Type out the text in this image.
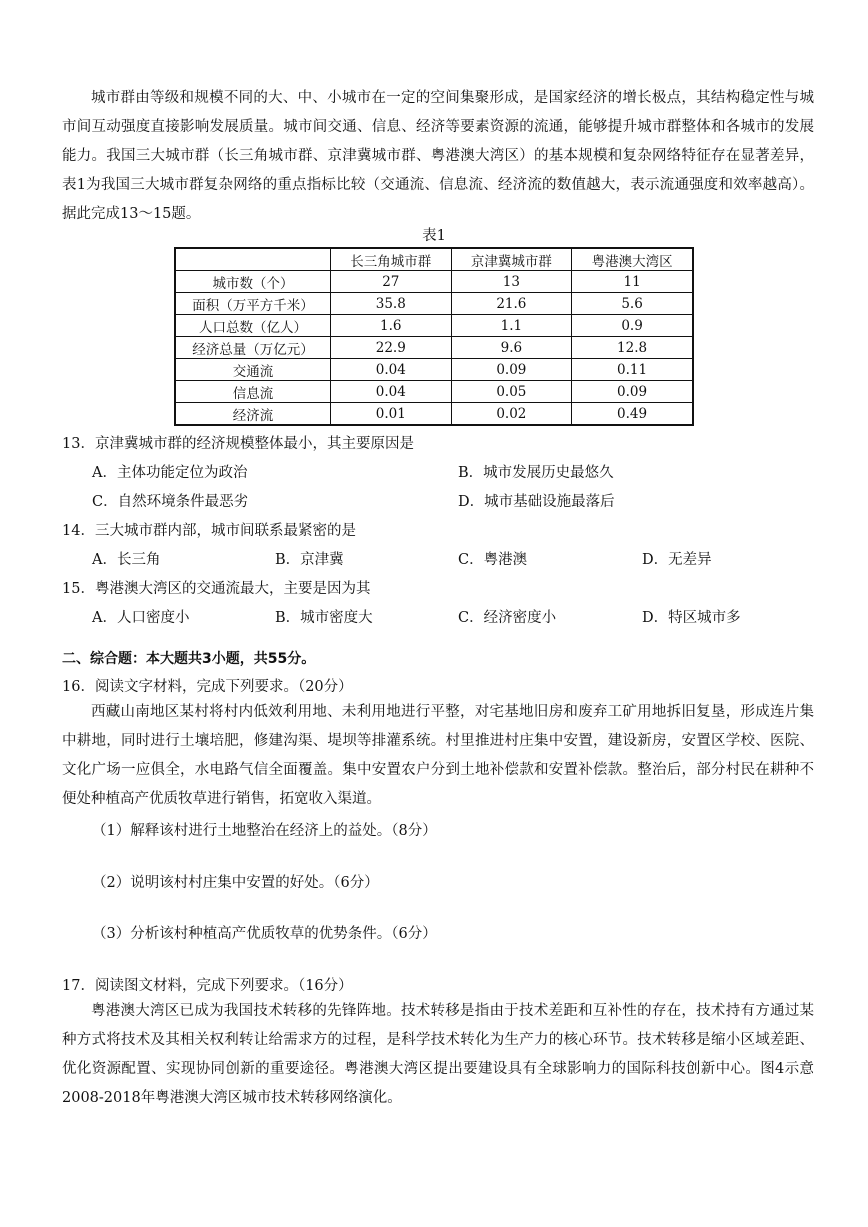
城市群由等级和规模不同的大、中、小城市在一定的空间集聚形成，是国家经济的增长极点，其结构稳定性与城市间互动强度直接影响发展质量。城市间交通、信息、经济等要素资源的流通，能够提升城市群整体和各城市的发展能力。我国三大城市群（长三角城市群、京津冀城市群、粤港澳大湾区）的基本规模和复杂网络特征存在显著差异，表1为我国三大城市群复杂网络的重点指标比较（交通流、信息流、经济流的数值越大，表示流通强度和效率越高）。据此完成13～15题。

表1
	长三角城市群	京津冀城市群	粤港澳大湾区
城市数（个）	27	13	11
面积（万平方千米）	35.8	21.6	5.6
人口总数（亿人）	1.6	1.1	0.9
经济总量（万亿元）	22.9	9.6	12.8
交通流	0.04	0.09	0.11
信息流	0.04	0.05	0.09
经济流	0.01	0.02	0.49
13．京津冀城市群的经济规模整体最小，其主要原因是
A．主体功能定位为政治	B．城市发展历史最悠久
C．自然环境条件最恶劣	D．城市基础设施最落后
14．三大城市群内部，城市间联系最紧密的是
A．长三角	B．京津冀	C．粤港澳	D．无差异
15．粤港澳大湾区的交通流最大，主要是因为其
A．人口密度小	B．城市密度大	C．经济密度小	D．特区城市多
二、综合题：本大题共3小题，共55分。
16．阅读文字材料，完成下列要求。（20分）

西藏山南地区某村将村内低效利用地、未利用地进行平整，对宅基地旧房和废弃工矿用地拆旧复垦，形成连片集中耕地，同时进行土壤培肥，修建沟渠、堤坝等排灌系统。村里推进村庄集中安置，建设新房，安置区学校、医院、文化广场一应俱全，水电路气信全面覆盖。集中安置农户分到土地补偿款和安置补偿款。整治后，部分村民在耕种不便处种植高产优质牧草进行销售，拓宽收入渠道。

（1）解释该村进行土地整治在经济上的益处。（8分）
（2）说明该村村庄集中安置的好处。（6分）
（3）分析该村种植高产优质牧草的优势条件。（6分）
17．阅读图文材料，完成下列要求。（16分）

粤港澳大湾区已成为我国技术转移的先锋阵地。技术转移是指由于技术差距和互补性的存在，技术持有方通过某种方式将技术及其相关权利转让给需求方的过程，是科学技术转化为生产力的核心环节。技术转移是缩小区域差距、优化资源配置、实现协同创新的重要途径。粤港澳大湾区提出要建设具有全球影响力的国际科技创新中心。图4示意2008-2018年粤港澳大湾区城市技术转移网络演化。
